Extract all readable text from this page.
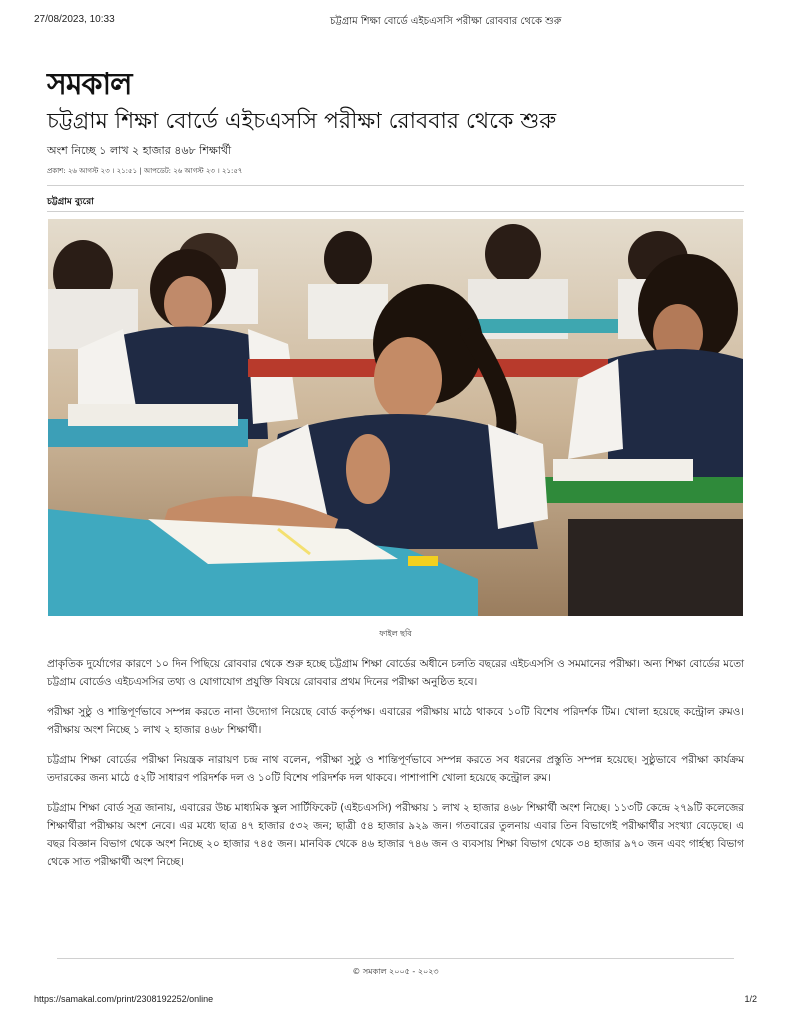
27/08/2023, 10:33	চট্টগ্রাম শিক্ষা বোর্ডে এইচএসসি পরীক্ষা রোববার থেকে শুরু
সমকাল
চট্টগ্রাম শিক্ষা বোর্ডে এইচএসসি পরীক্ষা রোববার থেকে শুরু
অংশ নিচ্ছে ১ লাখ ২ হাজার ৪৬৮ শিক্ষার্থী
প্রকাশ: ২৬ আগস্ট ২৩ । ২১:৫১ | আপডেট: ২৬ আগস্ট ২৩ । ২১:৫৭
চট্টগ্রাম ব্যুরো
ফাইল ছবি

প্রাকৃতিক দুর্যোগের কারণে ১০ দিন পিছিয়ে রোববার থেকে শুরু হচ্ছে চট্টগ্রাম শিক্ষা বোর্ডের অধীনে চলতি বছরের এইচএসসি ও সমমানের পরীক্ষা। অন্য শিক্ষা বোর্ডের মতো চট্টগ্রাম বোর্ডেও এইচএসসির তথ্য ও যোগাযোগ প্রযুক্তি বিষয়ে রোববার প্রথম দিনের পরীক্ষা অনুষ্ঠিত হবে।

পরীক্ষা সুষ্ঠু ও শান্তিপূর্ণভাবে সম্পন্ন করতে নানা উদ্যোগ নিয়েছে বোর্ড কর্তৃপক্ষ। এবারের পরীক্ষায় মাঠে থাকবে ১০টি বিশেষ পরিদর্শক টিম। খোলা হয়েছে কন্ট্রোল রুমও। পরীক্ষায় অংশ নিচ্ছে ১ লাখ ২ হাজার ৪৬৮ শিক্ষার্থী।

চট্টগ্রাম শিক্ষা বোর্ডের পরীক্ষা নিয়ন্ত্রক নারায়ণ চন্দ্র নাথ বলেন, পরীক্ষা সুষ্ঠু ও শান্তিপূর্ণভাবে সম্পন্ন করতে সব ধরনের প্রস্তুতি সম্পন্ন হয়েছে। সুষ্ঠুভাবে পরীক্ষা কার্যক্রম তদারকের জন্য মাঠে ৫২টি সাধারণ পরিদর্শক দল ও ১০টি বিশেষ পরিদর্শক দল থাকবে। পাশাপাশি খোলা হয়েছে কন্ট্রোল রুম।

চট্টগ্রাম শিক্ষা বোর্ড সূত্র জানায়, এবারের উচ্চ মাধ্যমিক স্কুল সার্টিফিকেট (এইচএসসি) পরীক্ষায় ১ লাখ ২ হাজার ৪৬৮ শিক্ষার্থী অংশ নিচ্ছে। ১১৩টি কেন্দ্রে ২৭৯টি কলেজের শিক্ষার্থীরা পরীক্ষায় অংশ নেবে। এর মধ্যে ছাত্র ৪৭ হাজার ৫৩২ জন; ছাত্রী ৫৪ হাজার ৯২৯ জন। গতবারের তুলনায় এবার তিন বিভাগেই পরীক্ষার্থীর সংখ্যা বেড়েছে। এ বছর বিজ্ঞান বিভাগ থেকে অংশ নিচ্ছে ২০ হাজার ৭৪৫ জন। মানবিক থেকে ৪৬ হাজার ৭৪৬ জন ও ব্যবসায় শিক্ষা বিভাগ থেকে ৩৪ হাজার ৯৭০ জন এবং গার্হস্থ্য বিভাগ থেকে সাত পরীক্ষার্থী অংশ নিচ্ছে।

© সমকাল ২০০৫ - ২০২৩
https://samakal.com/print/2308192252/online	1/2
